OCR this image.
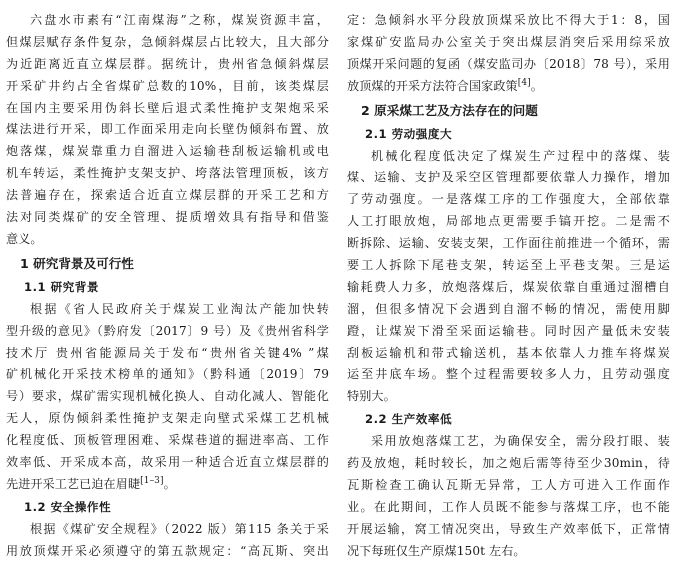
六盘水市素有“江南煤海”之称，煤炭资源丰富，
但煤层赋存条件复杂，急倾斜煤层占比较大，且大部分
为近距离近直立煤层群。据统计，贵州省急倾斜煤层
开采矿井约占全省煤矿总数的10%，目前，该类煤层
在国内主要采用伪斜长壁后退式柔性掩护支架炮采采
煤法进行开采，即工作面采用走向长壁伪倾斜布置、放
炮落煤，煤炭靠重力自溜进入运输巷刮板运输机或电
机车转运，柔性掩护支架支护、垮落法管理顶板，该方
法普遍存在，探索适合近直立煤层群的开采工艺和方
法对同类煤矿的安全管理、提质增效具有指导和借鉴
意义。
1 研究背景及可行性
1.1 研究背景
根据《省人民政府关于煤炭工业淘汰产能加快转
型升级的意见》（黔府发〔2017〕9 号）及《贵州省科学
技术厅 贵州省能源局关于发布“贵州省关键4% ”煤
矿机械化开采技术榜单的通知》（黔科通〔2019〕79
号）要求，煤矿需实现机械化换人、自动化减人、智能化
无人，原伪倾斜柔性掩护支架走向壁式采煤工艺机械
化程度低、顶板管理困难、采煤巷道的掘进率高、工作
效率低、开采成本高，故采用一种适合近直立煤层群的
先进开采工艺已迫在眉睫[1–3]。
1.2 安全操作性
根据《煤矿安全规程》（2022 版）第115 条关于采
用放顶煤开采必须遵守的第五款规定：“高瓦斯、突出
定：急倾斜水平分段放顶煤采放比不得大于1：8，国
家煤矿安监局办公室关于突出煤层消突后采用综采放
顶煤开采问题的复函（煤安监司办〔2018〕78 号），采用
放顶煤的开采方法符合国家政策[4]。
2 原采煤工艺及方法存在的问题
2.1 劳动强度大
机械化程度低决定了煤炭生产过程中的落煤、装
煤、运输、支护及采空区管理都要依靠人力操作，增加
了劳动强度。一是落煤工序的工作强度大，全部依靠
人工打眼放炮，局部地点更需要手镐开挖。二是需不
断拆除、运输、安装支架，工作面往前推进一个循环，需
要工人拆除下尾巷支架，转运至上平巷支架。三是运
输耗费人力多，放炮落煤后，煤炭依靠自重通过溜槽自
溜，但很多情况下会遇到自溜不畅的情况，需使用脚
蹬，让煤炭下滑至采面运输巷。同时因产量低未安装
刮板运输机和带式输送机，基本依靠人力推车将煤炭
运至井底车场。整个过程需要较多人力，且劳动强度
特别大。
2.2 生产效率低
采用放炮落煤工艺，为确保安全，需分段打眼、装
药及放炮，耗时较长，加之炮后需等待至少30min，待
瓦斯检查工确认瓦斯无异常，工人方可进入工作面作
业。在此期间，工作人员既不能参与落煤工序，也不能
开展运输，窝工情况突出，导致生产效率低下，正常情
况下每班仅生产原煤150t 左右。
